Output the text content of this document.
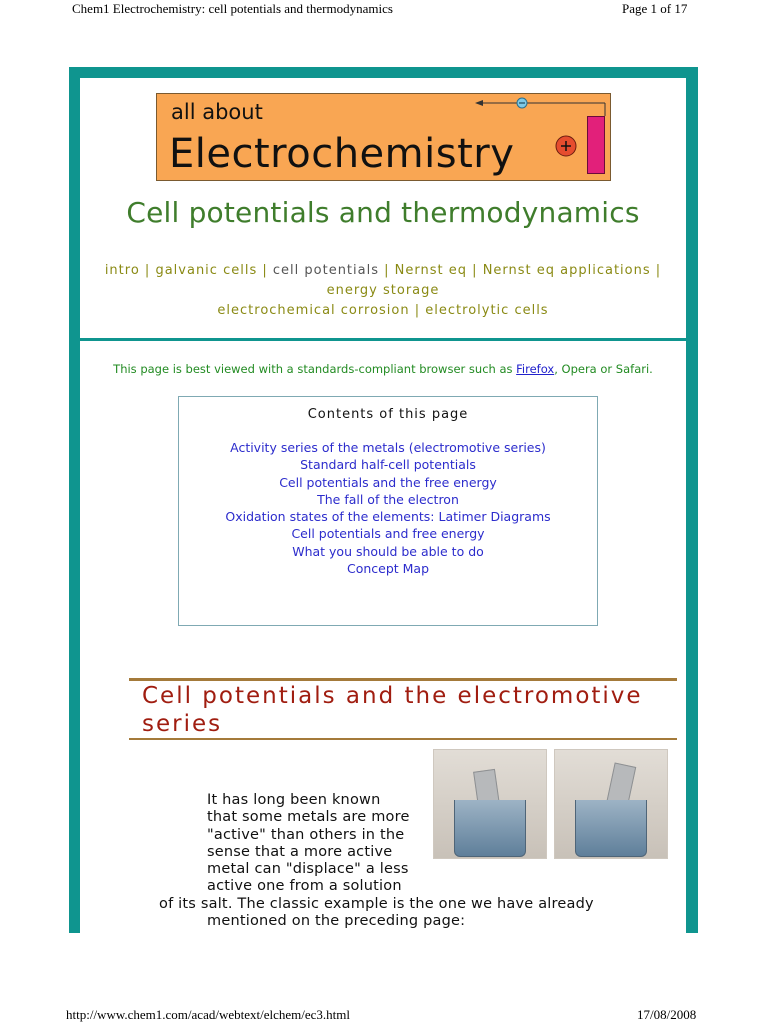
Chem1 Electrochemistry: cell potentials and thermodynamics	Page 1 of 17
all about
Electrochemistry
Cell potentials and thermodynamics
intro | galvanic cells | cell potentials | Nernst eq | Nernst eq applications |
energy storage
electrochemical corrosion | electrolytic cells
This page is best viewed with a standards-compliant browser such as Firefox, Opera or Safari.
Contents of this page
Activity series of the metals (electromotive series)
Standard half-cell potentials
Cell potentials and the free energy
The fall of the electron
Oxidation states of the elements: Latimer Diagrams
Cell potentials and free energy
What you should be able to do
Concept Map
Cell potentials and the electromotive series
It has long been known
that some metals are more
"active" than others in the
sense that a more active
metal can "displace" a less
active one from a solution
of its salt. The classic example is the one we have already
mentioned on the preceding page:
http://www.chem1.com/acad/webtext/elchem/ec3.html	17/08/2008
